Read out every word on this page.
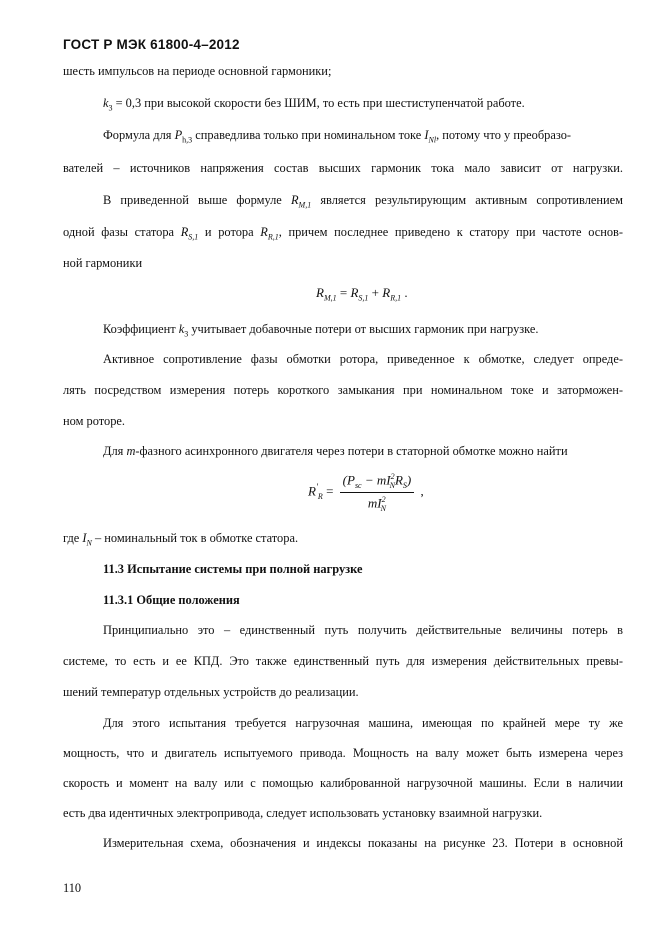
ГОСТ Р МЭК 61800-4–2012
шесть импульсов на периоде основной гармоники;
$k_3 = 0,3$ при высокой скорости без ШИМ, то есть при шестиступенчатой работе.
Формула для $P_{h,3}$ справедлива только при номинальном токе $I_{Nl}$, потому что у преобразо-
вателей – источников напряжения состав высших гармоник тока мало зависит от нагрузки.
В приведенной выше формуле $R_{M,1}$ является результирующим активным сопротивлением
одной фазы статора $R_{S,1}$ и ротора $R_{R,1}$, причем последнее приведено к статору при частоте основ-
ной гармоники
$R_{M,1} = R_{S,1} + R_{R,1}$ .
Коэффициент $k_3$ учитывает добавочные потери от высших гармоник при нагрузке.
Активное сопротивление фазы обмотки ротора, приведенное к обмотке, следует опреде-
лять посредством измерения потерь короткого замыкания при номинальном токе и заторможен-
ном роторе.
Для m-фазного асинхронного двигателя через потери в статорной обмотке можно найти
$R'_R = \frac{(P_{sc} - mI^2_NR_S)}{mI^2_N}$ ,
где $I_N$ – номинальный ток в обмотке статора.
11.3 Испытание системы при полной нагрузке
11.3.1 Общие положения
Принципиально это – единственный путь получить действительные величины потерь в
системе, то есть и ее КПД. Это также единственный путь для измерения действительных превы-
шений температур отдельных устройств до реализации.
Для этого испытания требуется нагрузочная машина, имеющая по крайней мере ту же
мощность, что и двигатель испытуемого привода. Мощность на валу может быть измерена через
скорость и момент на валу или с помощью калиброванной нагрузочной машины. Если в наличии
есть два идентичных электропривода, следует использовать установку взаимной нагрузки.
Измерительная схема, обозначения и индексы показаны на рисунке 23. Потери в основной
110
